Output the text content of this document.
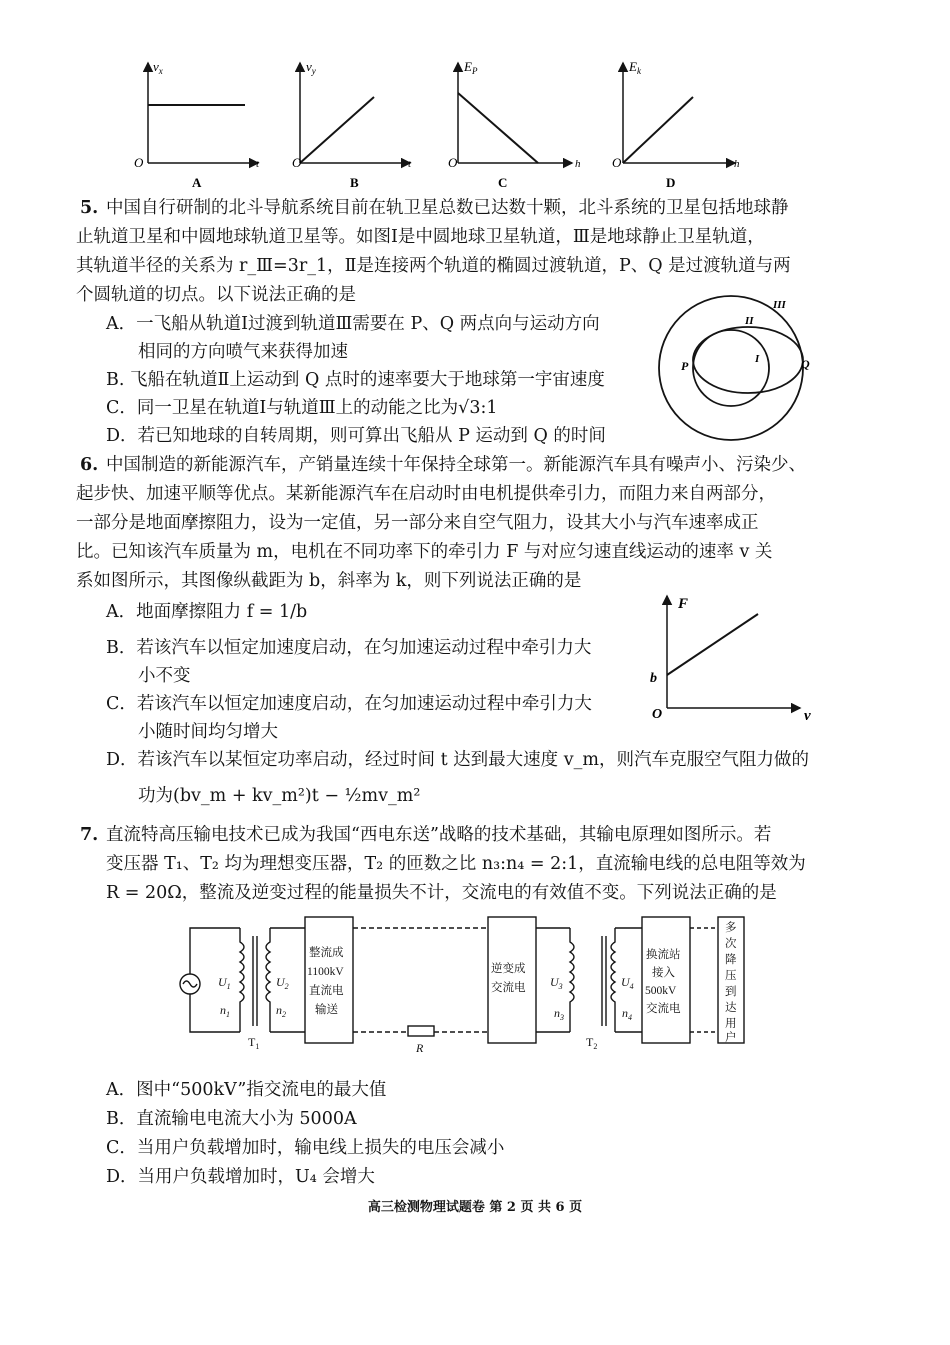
$v_x$
t
O
A
$v_y$
t
O
B
$E_P$
h
O
C
$E_k$
h
O
D
5. 中国自行研制的北斗导航系统目前在轨卫星总数已达数十颗，北斗系统的卫星包括地球静
止轨道卫星和中圆地球轨道卫星等。如图Ⅰ是中圆地球卫星轨道，Ⅲ是地球静止卫星轨道，
其轨道半径的关系为 r_Ⅲ=3r_1，Ⅱ是连接两个轨道的椭圆过渡轨道，P、Q 是过渡轨道与两
个圆轨道的切点。以下说法正确的是
A．一飞船从轨道Ⅰ过渡到轨道Ⅲ需要在 P、Q 两点向与运动方向
相同的方向喷气来获得加速
B. 飞船在轨道Ⅱ上运动到 Q 点时的速率要大于地球第一宇宙速度
C．同一卫星在轨道Ⅰ与轨道Ⅲ上的动能之比为√3:1
D．若已知地球的自转周期，则可算出飞船从 P 运动到 Q 的时间
III
II
I
P	Q
6. 中国制造的新能源汽车，产销量连续十年保持全球第一。新能源汽车具有噪声小、污染少、
起步快、加速平顺等优点。某新能源汽车在启动时由电机提供牵引力，而阻力来自两部分，
一部分是地面摩擦阻力，设为一定值，另一部分来自空气阻力，设其大小与汽车速率成正
比。已知该汽车质量为 m，电机在不同功率下的牵引力 F 与对应匀速直线运动的速率 v 关
系如图所示，其图像纵截距为 b，斜率为 k，则下列说法正确的是
A．地面摩擦阻力 f = 1/b
B．若该汽车以恒定加速度启动，在匀加速运动过程中牵引力大
小不变
C．若该汽车以恒定加速度启动，在匀加速运动过程中牵引力大
小随时间均匀增大
D．若该汽车以某恒定功率启动，经过时间 t 达到最大速度 v_m，则汽车克服空气阻力做的
功为(bv_m + kv_m²)t − ½mv_m²
F
v
O
b
7. 直流特高压输电技术已成为我国“西电东送”战略的技术基础，其输电原理如图所示。若
变压器 T₁、T₂ 均为理想变压器，T₂ 的匝数之比 n₃:n₄ = 2:1，直流输电线的总电阻等效为
R = 20Ω，整流及逆变过程的能量损失不计，交流电的有效值不变。下列说法正确的是
整流成
1100kV
直流电
输送
逆变成
交流电
换流站
接入
500kV
交流电
多
次
降
压
到
达
用
户
$U_1$
$n_1$
$U_2$
$n_2$
$U_3$
$n_3$
$U_4$
$n_4$
$T_1$	$T_2$
R
A．图中“500kV”指交流电的最大值
B．直流输电电流大小为 5000A
C．当用户负载增加时，输电线上损失的电压会减小
D．当用户负载增加时，U₄ 会增大
高三检测物理试题卷 第 2 页 共 6 页
